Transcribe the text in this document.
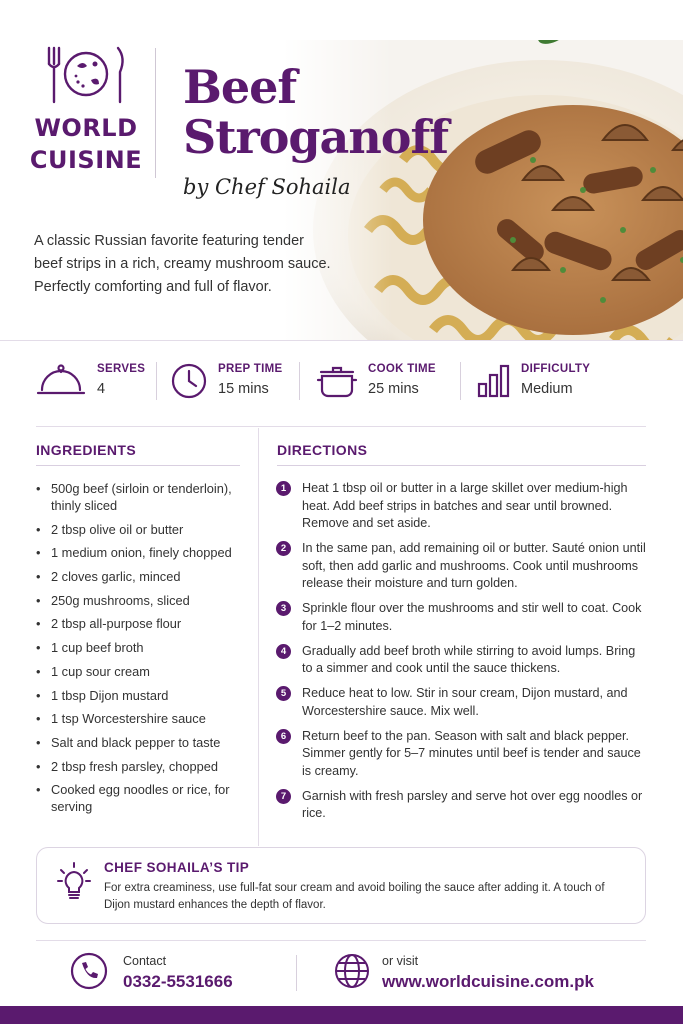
WORLD
CUISINE
Beef
Stroganoff
by Chef Sohaila

A classic Russian favorite featuring tender beef strips in a rich, creamy mushroom sauce. Perfectly comforting and full of flavor.

SERVES
4
PREP TIME
15 mins
COOK TIME
25 mins
DIFFICULTY
Medium
INGREDIENTS
• 500g beef (sirloin or tenderloin), thinly sliced
• 2 tbsp olive oil or butter
• 1 medium onion, finely chopped
• 2 cloves garlic, minced
• 250g mushrooms, sliced
• 2 tbsp all-purpose flour
• 1 cup beef broth
• 1 cup sour cream
• 1 tbsp Dijon mustard
• 1 tsp Worcestershire sauce
• Salt and black pepper to taste
• 2 tbsp fresh parsley, chopped
• Cooked egg noodles or rice, for serving
DIRECTIONS
1	Heat 1 tbsp oil or butter in a large skillet over medium-high heat. Add beef strips in batches and sear until browned. Remove and set aside.
2	In the same pan, add remaining oil or butter. Sauté onion until soft, then add garlic and mushrooms. Cook until mushrooms release their moisture and turn golden.
3	Sprinkle flour over the mushrooms and stir well to coat. Cook for 1–2 minutes.
4	Gradually add beef broth while stirring to avoid lumps. Bring to a simmer and cook until the sauce thickens.
5	Reduce heat to low. Stir in sour cream, Dijon mustard, and Worcestershire sauce. Mix well.
6	Return beef to the pan. Season with salt and black pepper. Simmer gently for 5–7 minutes until beef is tender and sauce is creamy.
7	Garnish with fresh parsley and serve hot over egg noodles or rice.
CHEF SOHAILA’S TIP

For extra creaminess, use full-fat sour cream and avoid boiling the sauce after adding it. A touch of Dijon mustard enhances the depth of flavor.

Contact
0332-5531666
or visit
www.worldcuisine.com.pk
